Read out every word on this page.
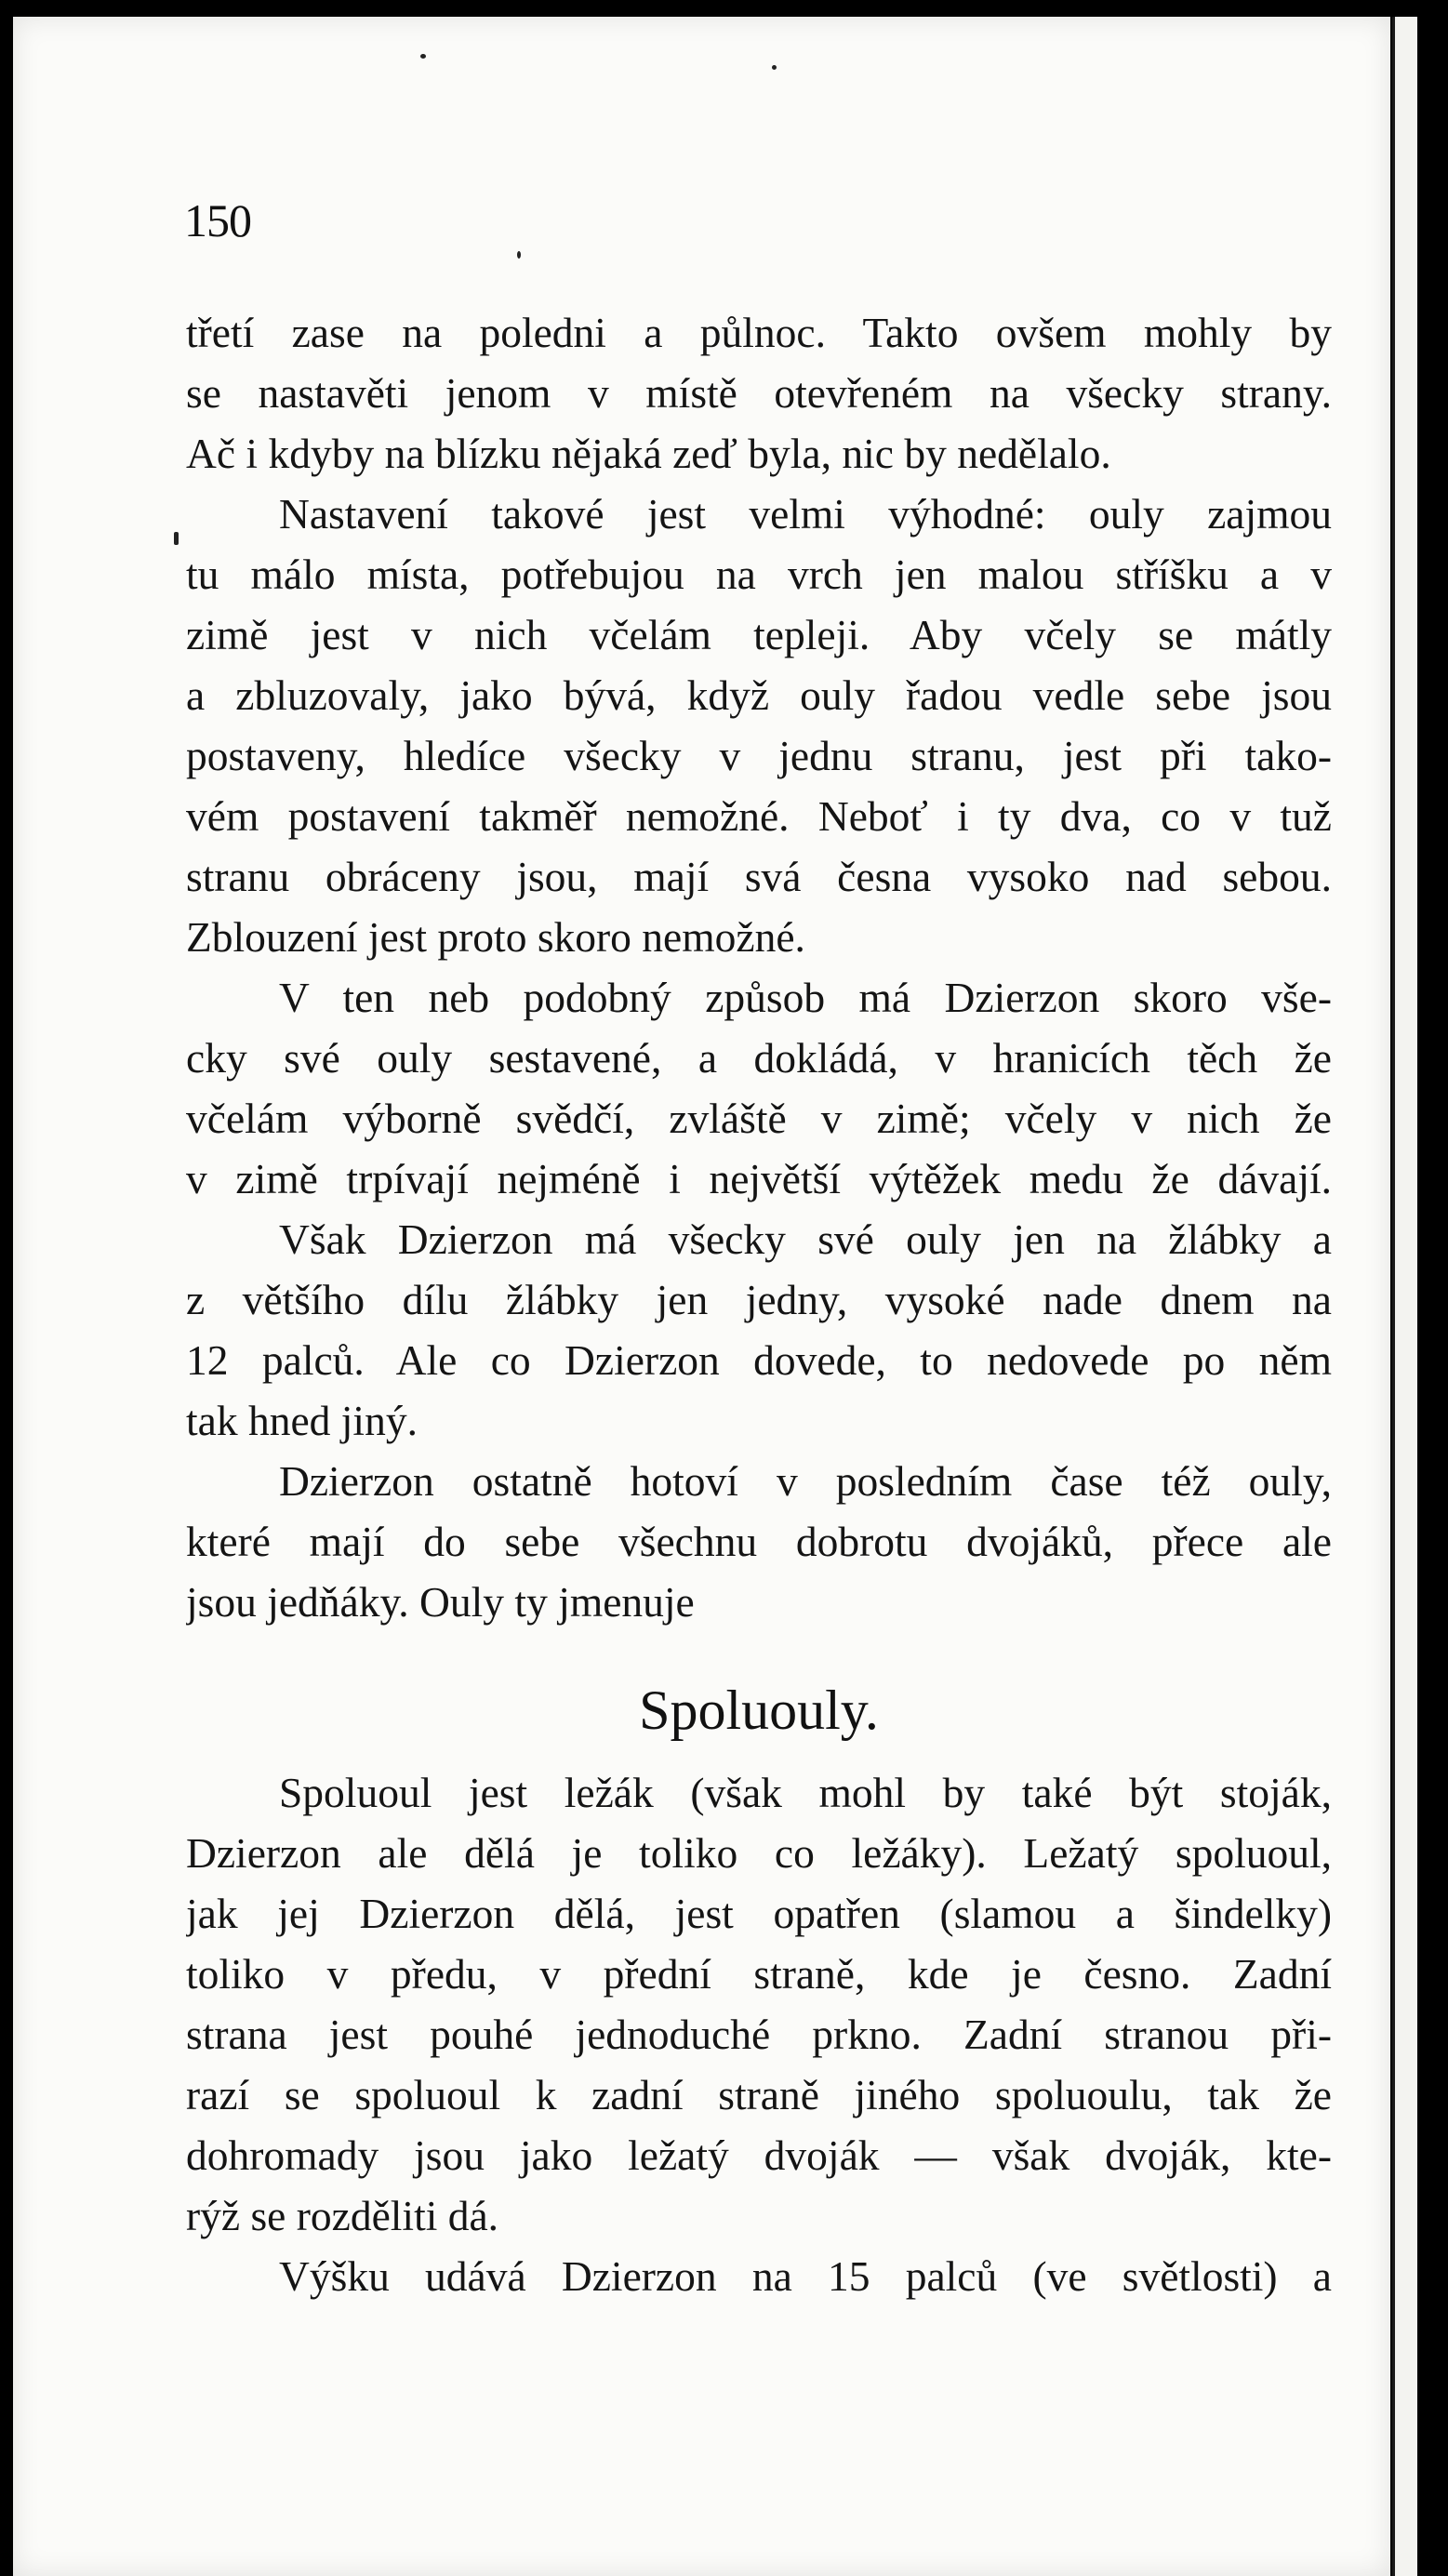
150
třetí zase na poledni a půlnoc. Takto ovšem mohly by
se nastavěti jenom v místě otevřeném na všecky strany.
Ač i kdyby na blízku nějaká zeď byla, nic by nedělalo.
Nastavení takové jest velmi výhodné: ouly zajmou
tu málo místa, potřebujou na vrch jen malou stříšku a v
zimě jest v nich včelám tepleji. Aby včely se mátly
a zbluzovaly, jako bývá, když ouly řadou vedle sebe jsou
postaveny, hledíce všecky v jednu stranu, jest při tako-
vém postavení takměř nemožné. Neboť i ty dva, co v tuž
stranu obráceny jsou, mají svá česna vysoko nad sebou.
Zblouzení jest proto skoro nemožné.
V ten neb podobný způsob má Dzierzon skoro vše-
cky své ouly sestavené, a dokládá, v hranicích těch že
včelám výborně svědčí, zvláště v zimě; včely v nich že
v zimě trpívají nejméně i největší výtěžek medu že dávají.
Však Dzierzon má všecky své ouly jen na žlábky a
z většího dílu žlábky jen jedny, vysoké nade dnem na
12 palců. Ale co Dzierzon dovede, to nedovede po něm
tak hned jiný.
Dzierzon ostatně hotoví v posledním čase též ouly,
které mají do sebe všechnu dobrotu dvojáků, přece ale
jsou jedňáky. Ouly ty jmenuje
Spoluouly.
Spoluoul jest ležák (však mohl by také být stoják,
Dzierzon ale dělá je toliko co ležáky). Ležatý spoluoul,
jak jej Dzierzon dělá, jest opatřen (slamou a šindelky)
toliko v předu, v přední straně, kde je česno. Zadní
strana jest pouhé jednoduché prkno. Zadní stranou při-
razí se spoluoul k zadní straně jiného spoluoulu, tak že
dohromady jsou jako ležatý dvoják — však dvoják, kte-
rýž se rozděliti dá.
Výšku udává Dzierzon na 15 palců (ve světlosti) a
